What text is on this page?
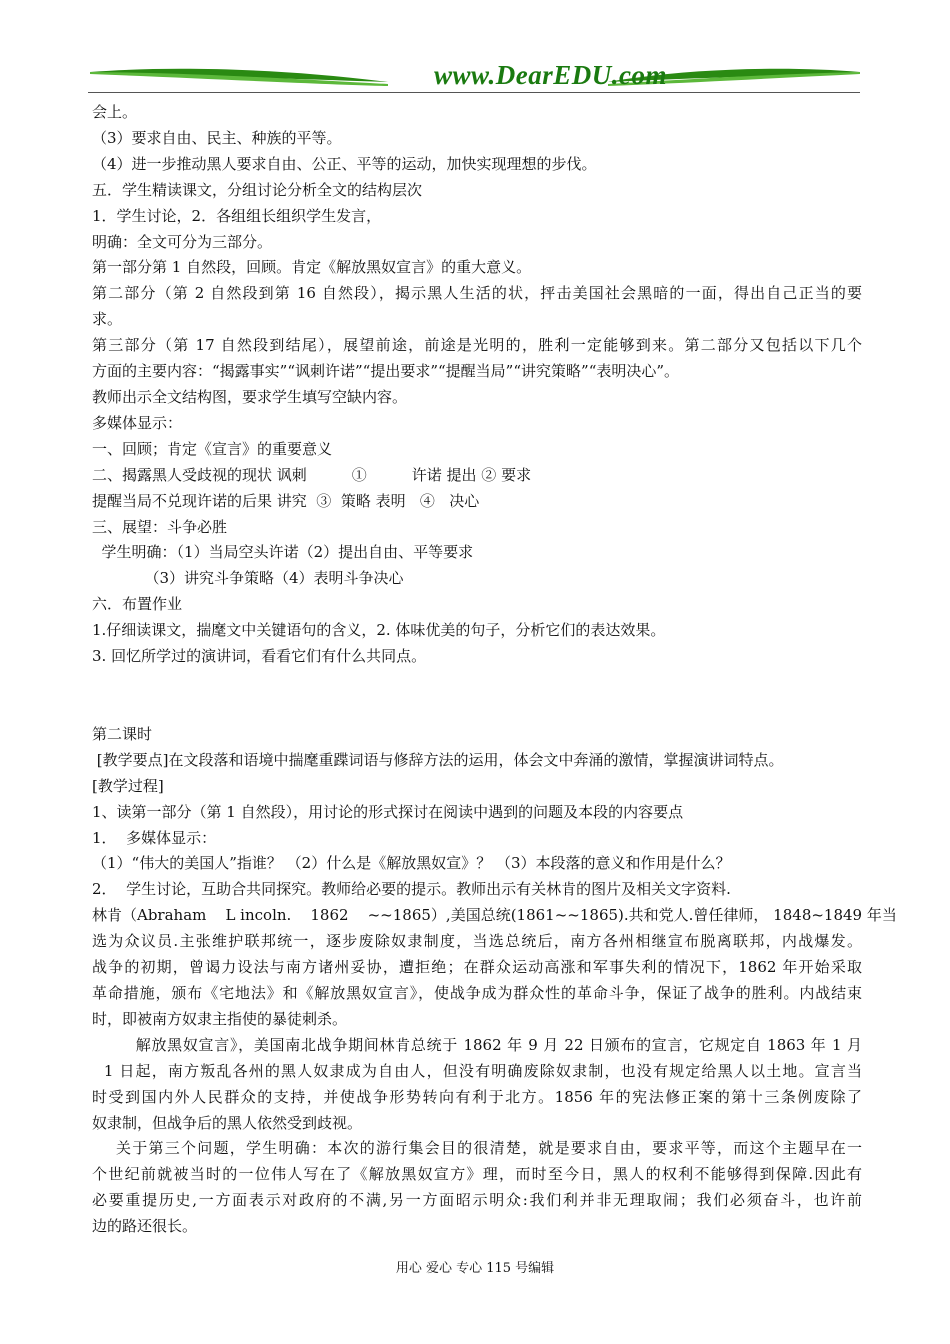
www.DearEDU.com
会上。
（3）要求自由、民主、种族的平等。
（4）进一步推动黑人要求自由、公正、平等的运动，加快实现理想的步伐。
五．学生精读课文，分组讨论分析全文的结构层次
1．学生讨论，2．各组组长组织学生发言，
明确：全文可分为三部分。
第一部分第 1 自然段，回顾。肯定《解放黑奴宣言》的重大意义。
第二部分（第 2 自然段到第 16 自然段），揭示黑人生活的状，抨击美国社会黑暗的一面，得出自己正当的要
求。
第三部分（第 17 自然段到结尾），展望前途，前途是光明的，胜利一定能够到来。第二部分又包括以下几个
方面的主要内容：“揭露事实”“讽刺许诺”“提出要求”“提醒当局”“讲究策略”“表明决心”。
教师出示全文结构图，要求学生填写空缺内容。
多媒体显示：
一、回顾；肯定《宣言》的重要意义
二、揭露黑人受歧视的现状 讽刺　　　①　　　许诺 提出 ② 要求
提醒当局不兑现许诺的后果 讲究  ③  策略 表明   ④   决心
三、展望：斗争必胜
学生明确：（1）当局空头许诺（2）提出自由、平等要求
（3）讲究斗争策略（4）表明斗争决心
六．布置作业
1.仔细读课文，揣麾文中关键语句的含义，2. 体味优美的句子，分析它们的表达效果。
3. 回忆所学过的演讲词，看看它们有什么共同点。
第二课时
[教学要点]在文段落和语境中揣麾重蹀词语与修辞方法的运用，体会文中奔涌的激情，掌握演讲词特点。
[教学过程]
1、读第一部分（第 1 自然段），用讨论的形式探讨在阅读中遇到的问题及本段的内容要点
1．  多媒体显示：
（1）“伟大的美国人”指谁？ （2）什么是《解放黑奴宣》？ （3）本段落的意义和作用是什么？
2．  学生讨论，互助合共同探究。教师给必要的提示。教师出示有关林肯的图片及相关文字资料.
林肯（Abraham    L incoln.    1862    ~~1865）,美国总统(1861~~1865).共和党人.曾任律师， 1848~1849 年当
选为众议员.主张维护联邦统一，逐步废除奴隶制度，当选总统后，南方各州相继宣布脱离联邦，内战爆发。
战争的初期，曾谒力设法与南方诸州妥协，遭拒绝；在群众运动高涨和军事失利的情况下，1862 年开始采取
革命措施，颁布《宅地法》和《解放黑奴宣言》，使战争成为群众性的革命斗争，保证了战争的胜利。内战结束
时，即被南方奴隶主指使的暴徒刺杀。
解放黑奴宣言》，美国南北战争期间林肯总统于 1862 年 9 月 22 日颁布的宣言，它规定自 1863 年 1 月
1 日起，南方叛乱各州的黑人奴隶成为自由人，但没有明确废除奴隶制，也没有规定给黑人以土地。宣言当
时受到国内外人民群众的支持，并使战争形势转向有利于北方。1856 年的宪法修正案的第十三条例废除了
奴隶制，但战争后的黑人依然受到歧视。
关于第三个问题，学生明确：本次的游行集会目的很清楚，就是要求自由，要求平等，而这个主题早在一
个世纪前就被当时的一位伟人写在了《解放黑奴宣方》理，而时至今日，黑人的权利不能够得到保障.因此有
必要重提历史,一方面表示对政府的不满,另一方面昭示明众:我们利并非无理取闹；我们必须奋斗，也许前
边的路还很长。
用心 爱心 专心 115 号编辑
